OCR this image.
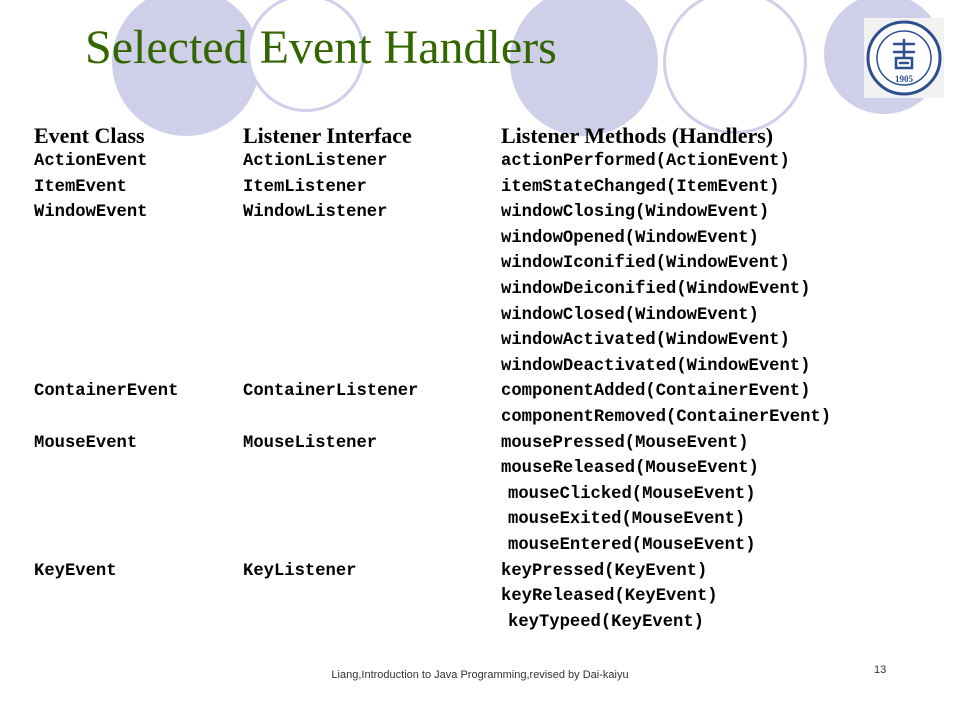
Selected Event Handlers
1905
Event Class	Listener Interface	Listener Methods (Handlers)
ActionEvent	ActionListener	actionPerformed(ActionEvent)
ItemEvent	ItemListener	itemStateChanged(ItemEvent)
WindowEvent	WindowListener	windowClosing(WindowEvent)
windowOpened(WindowEvent)
windowIconified(WindowEvent)
windowDeiconified(WindowEvent)
windowClosed(WindowEvent)
windowActivated(WindowEvent)
windowDeactivated(WindowEvent)
ContainerEvent	ContainerListener	componentAdded(ContainerEvent)
componentRemoved(ContainerEvent)
MouseEvent	MouseListener	mousePressed(MouseEvent)
mouseReleased(MouseEvent)
mouseClicked(MouseEvent)
mouseExited(MouseEvent)
mouseEntered(MouseEvent)
KeyEvent	KeyListener	keyPressed(KeyEvent)
keyReleased(KeyEvent)
keyTypeed(KeyEvent)
Liang,Introduction to Java Programming,revised by Dai-kaiyu	13
